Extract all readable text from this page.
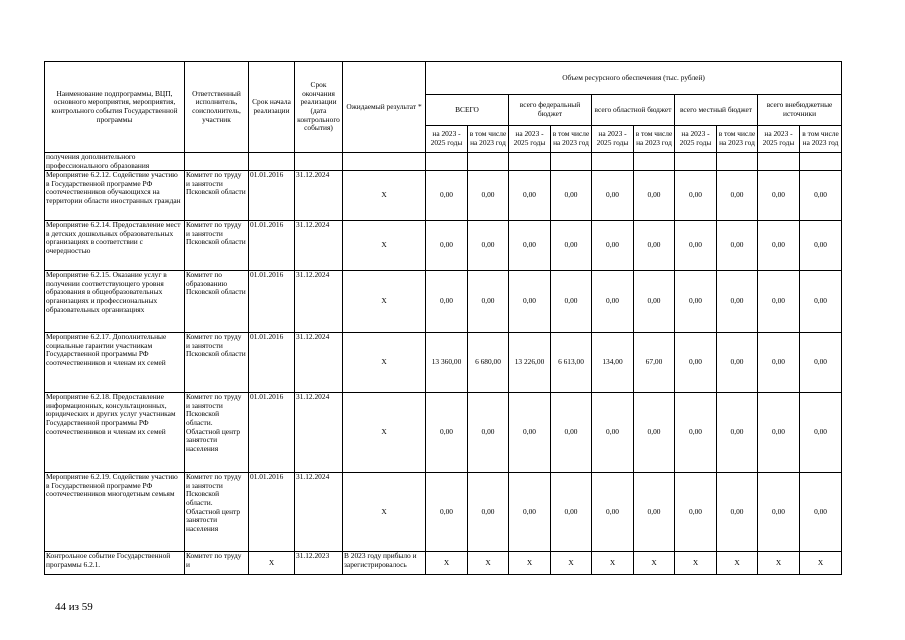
Наименование подпрограммы, ВЦП, основного мероприятия, мероприятия, контрольного события Государственной программы	Ответственный исполнитель, соисполнитель, участник	Срок начала реализации	Срок окончания реализации (дата контрольного события)	Ожидаемый результат *	Объем ресурсного обеспечения (тыс. рублей)									
					ВСЕГО		всего федеральный бюджет		всего областной бюджет		всего местный бюджет		всего внебюджетные источники	
					на 2023 - 2025 годы	в том числе на 2023 год	на 2023 - 2025 годы	в том числе на 2023 год	на 2023 - 2025 годы	в том числе на 2023 год	на 2023 - 2025 годы	в том числе на 2023 год	на 2023 - 2025 годы	в том числе на 2023 год
получения дополнительного профессионального образования														
Мероприятие 6.2.12. Содействие участию в Государственной программе РФ соотечественников обучающихся на территории области иностранных граждан	Комитет по труду и занятости Псковской области	01.01.2016	31.12.2024	X	0,00	0,00	0,00	0,00	0,00	0,00	0,00	0,00	0,00	0,00
Мероприятие 6.2.14. Предоставление мест в детских дошкольных образовательных организациях в соответствии с очередностью	Комитет по труду и занятости Псковской области	01.01.2016	31.12.2024	X	0,00	0,00	0,00	0,00	0,00	0,00	0,00	0,00	0,00	0,00
Мероприятие 6.2.15. Оказание услуг в получении соответствующего уровня образования в общеобразовательных организациях и профессиональных образовательных организациях	Комитет по образованию Псковской области	01.01.2016	31.12.2024	X	0,00	0,00	0,00	0,00	0,00	0,00	0,00	0,00	0,00	0,00
Мероприятие 6.2.17. Дополнительные социальные гарантии участникам Государственной программы РФ соотечественников и членам их семей	Комитет по труду и занятости Псковской области	01.01.2016	31.12.2024	X	13 360,00	6 680,00	13 226,00	6 613,00	134,00	67,00	0,00	0,00	0,00	0,00
Мероприятие 6.2.18. Предоставление информационных, консультационных, юридических и других услуг участникам Государственной программы РФ соотечественников и членам их семей	Комитет по труду и занятости Псковской области. Областной центр занятости населения	01.01.2016	31.12.2024	X	0,00	0,00	0,00	0,00	0,00	0,00	0,00	0,00	0,00	0,00
Мероприятие 6.2.19. Содействие участию в Государственной программе РФ соотечественников многодетным семьям	Комитет по труду и занятости Псковской области. Областной центр занятости населения	01.01.2016	31.12.2024	X	0,00	0,00	0,00	0,00	0,00	0,00	0,00	0,00	0,00	0,00
Контрольное событие Государственной программы 6.2.1.	Комитет по труду и	X	31.12.2023	В 2023 году прибыло и зарегистрировалось	X	X	X	X	X	X	X	X	X	X
44 из 59
